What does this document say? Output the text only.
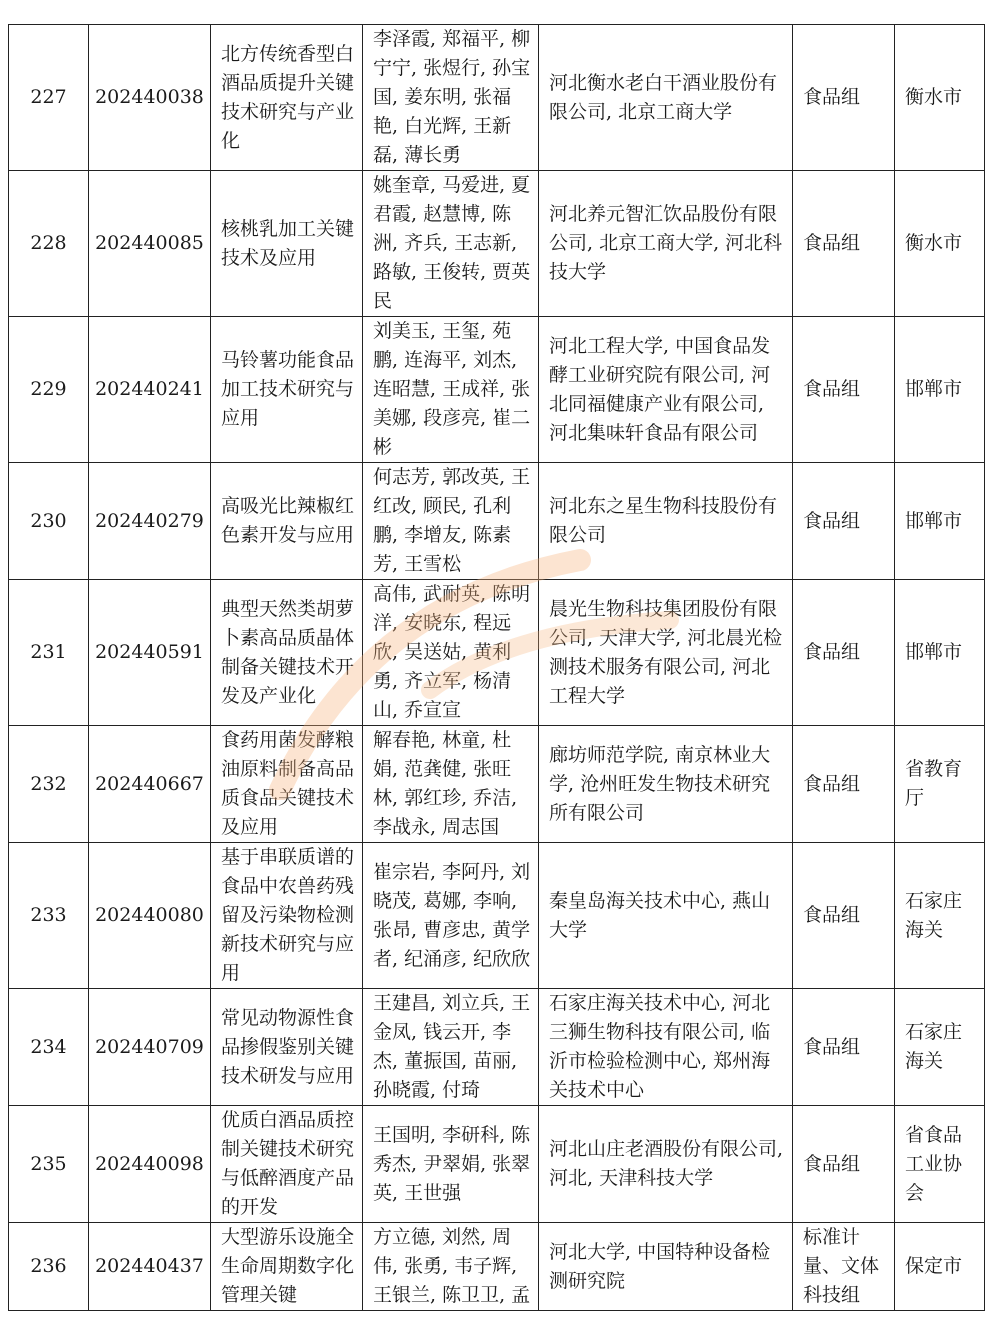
227	202440038	北方传统香型白酒品质提升关键技术研究与产业化	李泽霞, 郑福平, 柳宁宁, 张煜行, 孙宝国, 姜东明, 张福艳, 白光辉, 王新磊, 薄长勇	河北衡水老白干酒业股份有限公司, 北京工商大学	食品组	衡水市
228	202440085	核桃乳加工关键技术及应用	姚奎章, 马爱进, 夏君霞, 赵慧博, 陈洲, 齐兵, 王志新, 路敏, 王俊转, 贾英民	河北养元智汇饮品股份有限公司, 北京工商大学, 河北科技大学	食品组	衡水市
229	202440241	马铃薯功能食品加工技术研究与应用	刘美玉, 王玺, 苑鹏, 连海平, 刘杰, 连昭慧, 王成祥, 张美娜, 段彦亮, 崔二彬	河北工程大学, 中国食品发酵工业研究院有限公司, 河北同福健康产业有限公司, 河北集味轩食品有限公司	食品组	邯郸市
230	202440279	高吸光比辣椒红色素开发与应用	何志芳, 郭改英, 王红改, 顾民, 孔利鹏, 李增友, 陈素芳, 王雪松	河北东之星生物科技股份有限公司	食品组	邯郸市
231	202440591	典型天然类胡萝卜素高品质晶体制备关键技术开发及产业化	高伟, 武耐英, 陈明洋, 安晓东, 程远欣, 吴送姑, 黄利勇, 齐立军, 杨清山, 乔宣宣	晨光生物科技集团股份有限公司, 天津大学, 河北晨光检测技术服务有限公司, 河北工程大学	食品组	邯郸市
232	202440667	食药用菌发酵粮油原料制备高品质食品关键技术及应用	解春艳, 林童, 杜娟, 范龚健, 张旺林, 郭红珍, 乔洁, 李战永, 周志国	廊坊师范学院, 南京林业大学, 沧州旺发生物技术研究所有限公司	食品组	省教育厅
233	202440080	基于串联质谱的食品中农兽药残留及污染物检测新技术研究与应用	崔宗岩, 李阿丹, 刘晓茂, 葛娜, 李响, 张昂, 曹彦忠, 黄学者, 纪涌彦, 纪欣欣	秦皇岛海关技术中心, 燕山大学	食品组	石家庄海关
234	202440709	常见动物源性食品掺假鉴别关键技术研发与应用	王建昌, 刘立兵, 王金凤, 钱云开, 李杰, 董振国, 苗丽, 孙晓霞, 付琦	石家庄海关技术中心, 河北三狮生物科技有限公司, 临沂市检验检测中心, 郑州海关技术中心	食品组	石家庄海关
235	202440098	优质白酒品质控制关键技术研究与低醉酒度产品的开发	王国明, 李研科, 陈秀杰, 尹翠娟, 张翠英, 王世强	河北山庄老酒股份有限公司, 河北, 天津科技大学	食品组	省食品工业协会
236	202440437	大型游乐设施全生命周期数字化管理关键	方立德, 刘然, 周伟, 张勇, 韦子辉, 王银兰, 陈卫卫, 孟	河北大学, 中国特种设备检测研究院	标准计量、文体科技组	保定市
